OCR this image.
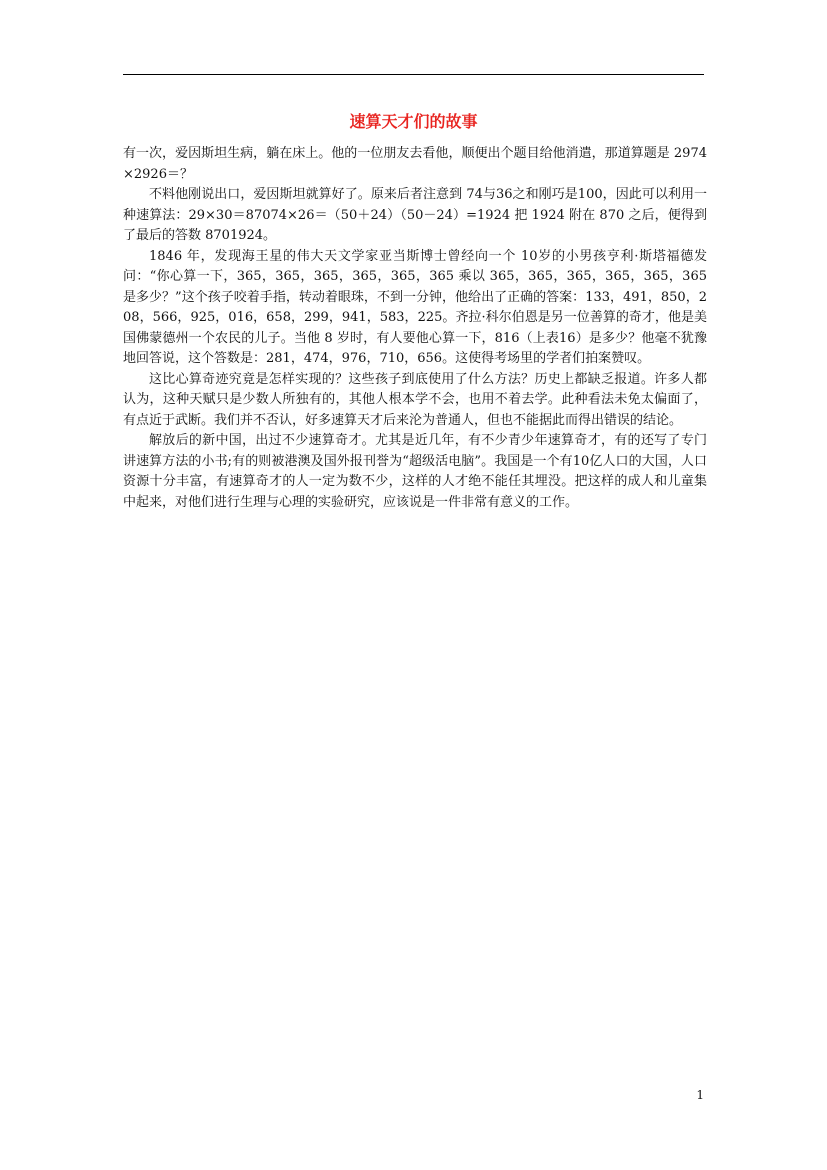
速算天才们的故事

有一次，爱因斯坦生病，躺在床上。他的一位朋友去看他，顺便出个题目给他消遣，那道算题是 2974×2926＝？

不料他刚说出口，爱因斯坦就算好了。原来后者注意到 74与36之和刚巧是100，因此可以利用一种速算法：29×30＝87074×26＝（50＋24）（50－24）=1924 把 1924 附在 870 之后，便得到了最后的答数 8701924。

1846 年，发现海王星的伟大天文学家亚当斯博士曾经向一个 10岁的小男孩亨利·斯塔福德发问：“你心算一下，365，365，365，365，365，365 乘以 365，365，365，365，365，365 是多少？”这个孩子咬着手指，转动着眼珠，不到一分钟，他给出了正确的答案：133，491，850，208，566，925，016，658，299，941，583，225。齐拉·科尔伯恩是另一位善算的奇才，他是美国佛蒙德州一个农民的儿子。当他 8 岁时，有人要他心算一下，816（上表16）是多少？他毫不犹豫地回答说，这个答数是：281，474，976，710，656。这使得考场里的学者们拍案赞叹。

这比心算奇迹究竟是怎样实现的？这些孩子到底使用了什么方法？历史上都缺乏报道。许多人都认为，这种天赋只是少数人所独有的，其他人根本学不会，也用不着去学。此种看法未免太偏面了，有点近于武断。我们并不否认，好多速算天才后来沦为普通人，但也不能据此而得出错误的结论。

解放后的新中国，出过不少速算奇才。尤其是近几年，有不少青少年速算奇才，有的还写了专门讲速算方法的小书;有的则被港澳及国外报刊誉为“超级活电脑”。我国是一个有10亿人口的大国，人口资源十分丰富，有速算奇才的人一定为数不少，这样的人才绝不能任其埋没。把这样的成人和儿童集中起来，对他们进行生理与心理的实验研究，应该说是一件非常有意义的工作。

1
